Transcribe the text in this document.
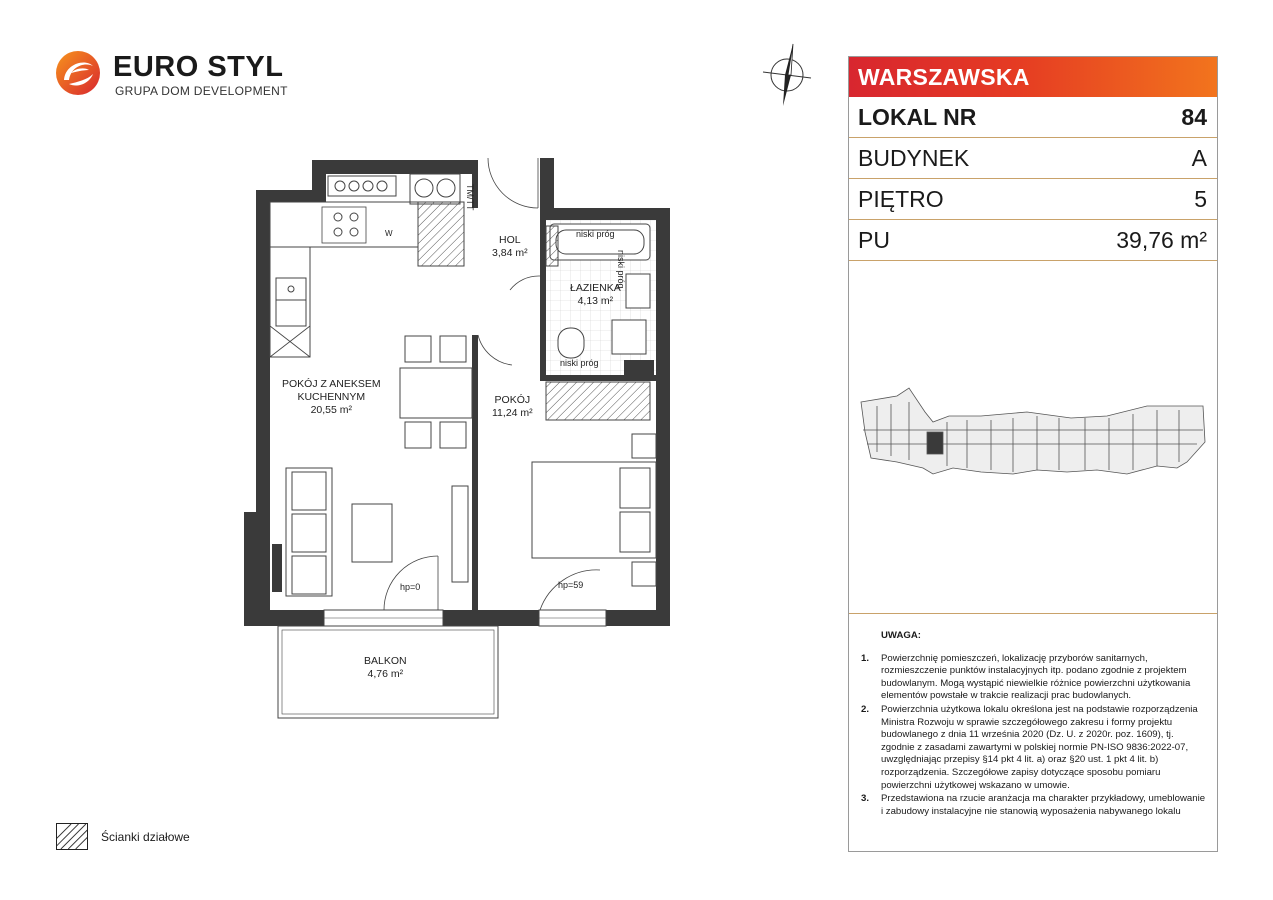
EURO STYL
GRUPA DOM DEVELOPMENT
HOL
3,84 m²
ŁAZIENKA
4,13 m²
POKÓJ Z ANEKSEM
KUCHENNYM
20,55 m²
POKÓJ
11,24 m²
BALKON
4,76 m²
niski próg
niski próg
niski próg
hp=0	hp=59
TM/TT
W
Ścianki działowe
WARSZAWSKA
LOKAL NR	84
BUDYNEK	A
PIĘTRO	5
PU	39,76 m²
UWAGA:
1. Powierzchnię pomieszczeń, lokalizację przyborów sanitarnych, rozmieszczenie punktów instalacyjnych itp. podano zgodnie z projektem budowlanym. Mogą wystąpić niewielkie różnice powierzchni użytkowania elementów powstałe w trakcie realizacji prac budowlanych.
2. Powierzchnia użytkowa lokalu określona jest na podstawie rozporządzenia Ministra Rozwoju w sprawie szczegółowego zakresu i formy projektu budowlanego z dnia 11 września 2020 (Dz. U. z 2020r. poz. 1609), tj. zgodnie z zasadami zawartymi w polskiej normie PN-ISO 9836:2022-07, uwzględniając przepisy §14 pkt 4 lit. a) oraz §20 ust. 1 pkt 4 lit. b) rozporządzenia. Szczegółowe zapisy dotyczące sposobu pomiaru powierzchni użytkowej wskazano w umowie.
3. Przedstawiona na rzucie aranżacja ma charakter przykładowy, umeblowanie i zabudowy instalacyjne nie stanowią wyposażenia nabywanego lokalu
